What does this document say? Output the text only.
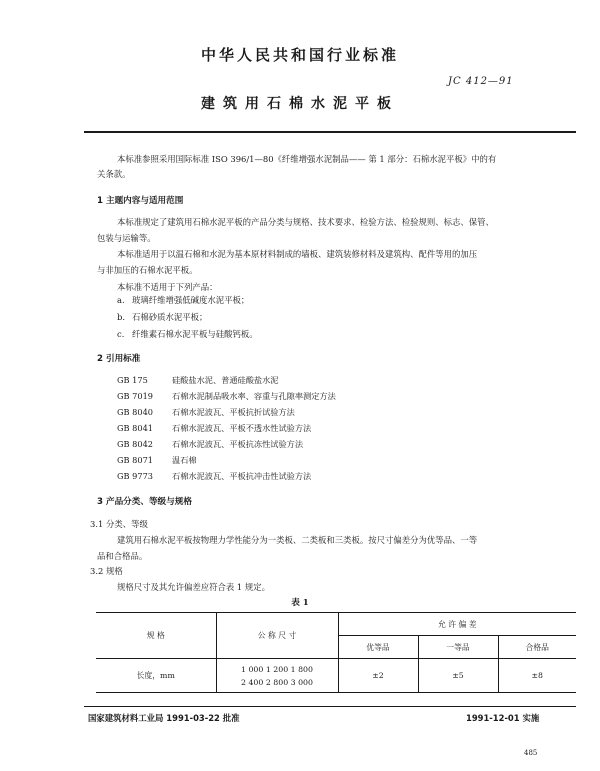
中华人民共和国行业标准
JC 412—91
建筑用石棉水泥平板
本标准参照采用国际标准 ISO 396/1—80《纤维增强水泥制品—— 第 1 部分：石棉水泥平板》中的有
关条款。
1 主题内容与适用范围
本标准规定了建筑用石棉水泥平板的产品分类与规格、技术要求、检验方法、检验规则、标志、保管、
包装与运输等。
本标准适用于以温石棉和水泥为基本原材料制成的墙板、建筑装修材料及建筑构、配件等用的加压
与非加压的石棉水泥平板。
本标准不适用于下列产品：
a. 玻璃纤维增强低碱度水泥平板；
b. 石棉砂质水泥平板；
c. 纤维素石棉水泥平板与硅酸钙板。
2 引用标准
GB 175	硅酸盐水泥、普通硅酸盐水泥
GB 7019 石棉水泥制品吸水率、容重与孔隙率测定方法
GB 8040 石棉水泥波瓦、平板抗折试验方法
GB 8041 石棉水泥波瓦、平板不透水性试验方法
GB 8042 石棉水泥波瓦、平板抗冻性试验方法
GB 8071 温石棉
GB 9773 石棉水泥波瓦、平板抗冲击性试验方法
3 产品分类、等级与规格
3.1 分类、等级
建筑用石棉水泥平板按物理力学性能分为一类板、二类板和三类板。按尺寸偏差分为优等品、一等
品和合格品。
3.2 规格
规格尺寸及其允许偏差应符合表 1 规定。
表 1
规 格	公 称 尺 寸	允 许 偏 差		
		优等品	一等品	合格品
长度，mm	1 000 1 200 1 800
2 400 2 800 3 000	±2	±5	±8
国家建筑材料工业局 1991-03-22 批准	1991-12-01 实施
485
